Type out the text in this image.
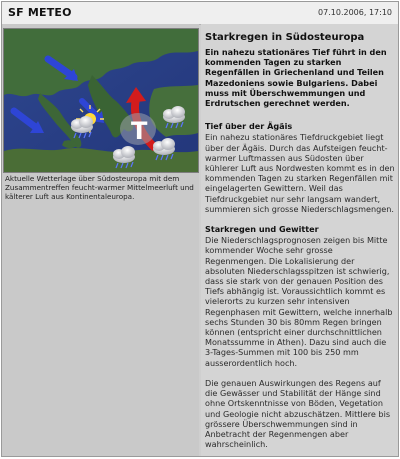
SF METEO	07.10.2006, 17:10
T
Aktuelle Wetterlage über Südosteuropa mit dem Zusammentreffen feucht-warmer Mittelmeerluft und kälterer Luft aus Kontinentaleuropa.

Starkregen in Südosteuropa

Ein nahezu stationäres Tief führt in den kommenden Tagen zu starken Regenfällen in Griechenland und Teilen Mazedoniens sowie Bulgariens. Dabei muss mit Überschwemmungen und Erdrutschen gerechnet werden.

Tief über der Ägäis

Ein nahezu stationäres Tiefdruckgebiet liegt über der Ägäis. Durch das Aufsteigen feucht-warmer Luftmassen aus Südosten über kühlerer Luft aus Nordwesten kommt es in den kommenden Tagen zu starken Regenfällen mit eingelagerten Gewittern. Weil das Tiefdruckgebiet nur sehr langsam wandert, summieren sich grosse Niederschlagsmengen.

Starkregen und Gewitter

Die Niederschlagsprognosen zeigen bis Mitte kommender Woche sehr grosse Regenmengen. Die Lokalisierung der absoluten Niederschlagsspitzen ist schwierig, dass sie stark von der genauen Position des Tiefs abhängig ist. Voraussichtlich kommt es vielerorts zu kurzen sehr intensiven Regenphasen mit Gewittern, welche innerhalb sechs Stunden 30 bis 80mm Regen bringen können (entspricht einer durchschnittlichen Monatssumme in Athen). Dazu sind auch die 3-Tages-Summen mit 100 bis 250 mm ausserordentlich hoch.

Die genauen Auswirkungen des Regens auf die Gewässer und Stabilität der Hänge sind ohne Ortskenntnisse von Böden, Vegetation und Geologie nicht abzuschätzen. Mittlere bis grössere Überschwemmungen sind in Anbetracht der Regenmengen aber wahrscheinlich.
